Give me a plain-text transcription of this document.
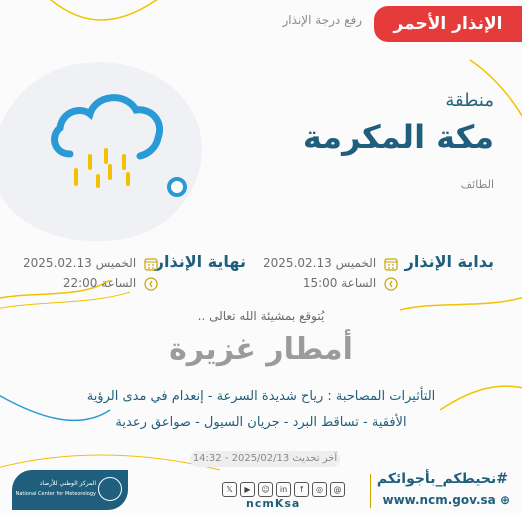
الإنذار الأحمر
رفع درجة الإنذار
منطقة
مكة المكرمة
الطائف
بداية الإنذار
الخميس 2025.02.13
الساعة 15:00
نهاية الإنذار
الخميس 2025.02.13
الساعة 22:00
يُتوقع بمشيئة الله تعالى ..
أمطار غزيرة
التأثيرات المصاحبة : رياح شديدة السرعة - إنعدام في مدى الرؤية
الأفقية - تساقط البرد - جريان السيول - صواعق رعدية
آخر تحديث 2025/02/13 - 14:32
المركز الوطني للأرصاد
National Center for Meteorology	𝕏 ▶ ☺ in f ◎ @
ncmKsa
#نحيطكم_بأجوائكم
www.ncm.gov.sa ⊕
